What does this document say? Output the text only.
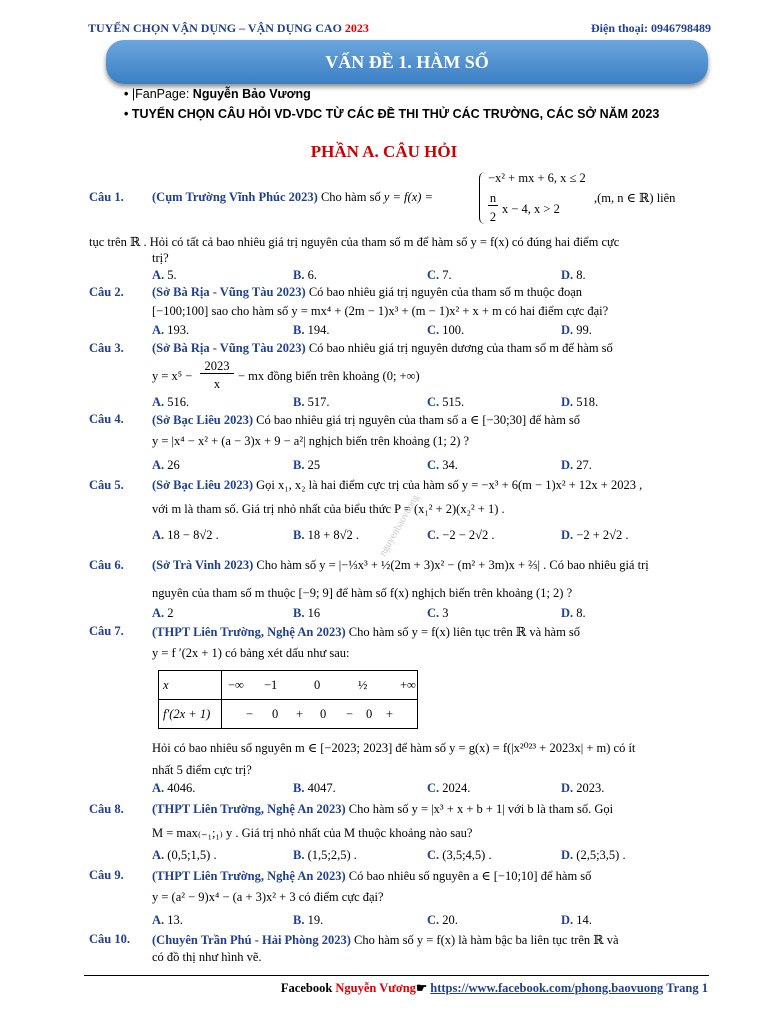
TUYỂN CHỌN VẬN DỤNG – VẬN DỤNG CAO 2023	Điện thoại: 0946798489
VẤN ĐỀ 1. HÀM SỐ
• |FanPage: Nguyễn Bảo Vương
• TUYỂN CHỌN CÂU HỎI VD-VDC TỪ CÁC ĐỀ THI THỬ CÁC TRƯỜNG, CÁC SỞ NĂM 2023
PHẦN A. CÂU HỎI
Câu 1. (Cụm Trường Vĩnh Phúc 2023) Cho hàm số y = f(x) =
−x² + mx + 6, x ≤ 2
n
2
x − 4, x > 2
,(m, n ∈ ℝ) liên
tục trên ℝ . Hỏi có tất cả bao nhiêu giá trị nguyên của tham số m để hàm số y = f(x) có đúng hai điểm cực
trị?
A. 5.	B. 6.	C. 7.	D. 8.
Câu 2. (Sở Bà Rịa - Vũng Tàu 2023) Có bao nhiêu giá trị nguyên của tham số m thuộc đoạn
[−100;100] sao cho hàm số y = mx⁴ + (2m − 1)x³ + (m − 1)x² + x + m có hai điểm cực đại?
A. 193.	B. 194.	C. 100.	D. 99.
Câu 3. (Sở Bà Rịa - Vũng Tàu 2023) Có bao nhiêu giá trị nguyên dương của tham số m để hàm số
y = x⁵ −
2023
x
− mx đồng biến trên khoảng (0; +∞)
A. 516.	B. 517.	C. 515.	D. 518.
Câu 4. (Sở Bạc Liêu 2023) Có bao nhiêu giá trị nguyên của tham số a ∈ [−30;30] để hàm số
y = |x⁴ − x² + (a − 3)x + 9 − a²| nghịch biến trên khoảng (1; 2) ?
A. 26	B. 25	C. 34.	D. 27.
Câu 5. (Sở Bạc Liêu 2023) Gọi x₁, x₂ là hai điểm cực trị của hàm số y = −x³ + 6(m − 1)x² + 12x + 2023 ,
với m là tham số. Giá trị nhỏ nhất của biểu thức P = (x₁² + 2)(x₂² + 1) .
A. 18 − 8√2 .	B. 18 + 8√2 .	C. −2 − 2√2 .	D. −2 + 2√2 .
nguyenbaovuong
Câu 6. (Sở Trà Vinh 2023) Cho hàm số y = |−⅓x³ + ½(2m + 3)x² − (m² + 3m)x + ⅔| . Có bao nhiêu giá trị
nguyên của tham số m thuộc [−9; 9] để hàm số f(x) nghịch biến trên khoảng (1; 2) ?
A. 2	B. 16	C. 3	D. 8.
Câu 7. (THPT Liên Trường, Nghệ An 2023) Cho hàm số y = f(x) liên tục trên ℝ và hàm số
y = f ′(2x + 1) có bảng xét dấu như sau:
x	−∞ −1 0 ½ +∞
f′(2x + 1)	− 0 + 0 − 0 +
Hỏi có bao nhiêu số nguyên m ∈ [−2023; 2023] để hàm số y = g(x) = f(|x²⁰²³ + 2023x| + m) có ít
nhất 5 điểm cực trị?
A. 4046.	B. 4047.	C. 2024.	D. 2023.
Câu 8. (THPT Liên Trường, Nghệ An 2023) Cho hàm số y = |x³ + x + b + 1| với b là tham số. Gọi
M = max₍₋₁;₁₎ y . Giá trị nhỏ nhất của M thuộc khoảng nào sau?
A. (0,5;1,5) .	B. (1,5;2,5) .	C. (3,5;4,5) .	D. (2,5;3,5) .
Câu 9. (THPT Liên Trường, Nghệ An 2023) Có bao nhiêu số nguyên a ∈ [−10;10] để hàm số
y = (a² − 9)x⁴ − (a + 3)x² + 3 có điểm cực đại?
A. 13.	B. 19.	C. 20.	D. 14.
Câu 10. (Chuyên Trần Phú - Hải Phòng 2023) Cho hàm số y = f(x) là hàm bậc ba liên tục trên ℝ và
có đồ thị như hình vẽ.
Facebook Nguyễn Vương☛ https://www.facebook.com/phong.baovuong Trang 1
